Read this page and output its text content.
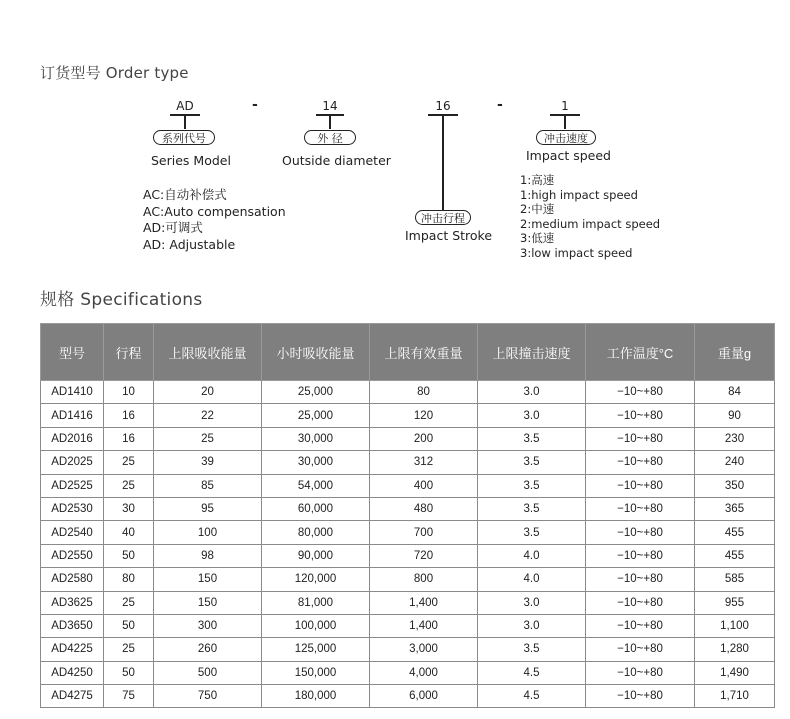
订货型号 Order type
AD
系列代号
Series Model
-	14
外 径
Outside diameter
16
冲击行程
Impact Stroke
-	1
冲击速度
Impact speed
AC:自动补偿式
AC:Auto compensation
AD:可调式
AD: Adjustable
1:高速
1:high impact speed
2:中速
2:medium impact speed
3:低速
3:low impact speed
规格 Specifications
型号	行程	上限吸收能量	小时吸收能量	上限有效重量	上限撞击速度	工作温度°C	重量g
AD1410	10	20	25,000	80	3.0	−10~+80	84
AD1416	16	22	25,000	120	3.0	−10~+80	90
AD2016	16	25	30,000	200	3.5	−10~+80	230
AD2025	25	39	30,000	312	3.5	−10~+80	240
AD2525	25	85	54,000	400	3.5	−10~+80	350
AD2530	30	95	60,000	480	3.5	−10~+80	365
AD2540	40	100	80,000	700	3.5	−10~+80	455
AD2550	50	98	90,000	720	4.0	−10~+80	455
AD2580	80	150	120,000	800	4.0	−10~+80	585
AD3625	25	150	81,000	1,400	3.0	−10~+80	955
AD3650	50	300	100,000	1,400	3.0	−10~+80	1,100
AD4225	25	260	125,000	3,000	3.5	−10~+80	1,280
AD4250	50	500	150,000	4,000	4.5	−10~+80	1,490
AD4275	75	750	180,000	6,000	4.5	−10~+80	1,710
